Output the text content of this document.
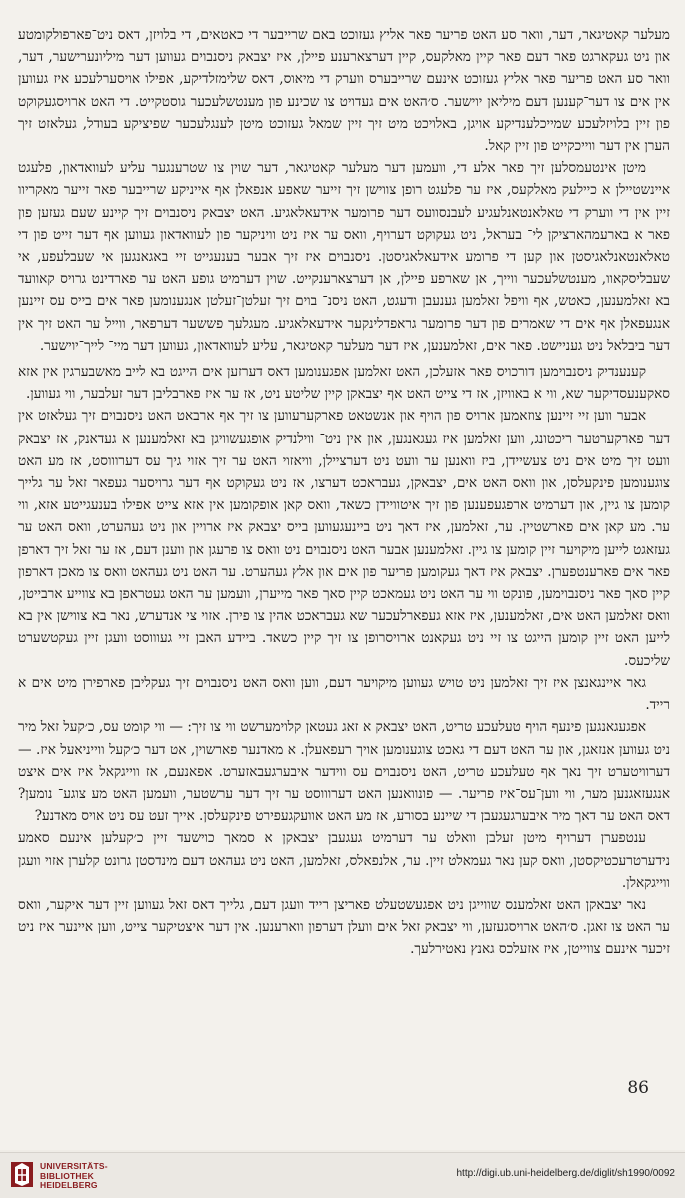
מעלער קאטיגאר, דער, וואר סע האט פריער פאר אליץ געזוכט באם שרייבער די כאטאים, די בלויזן, דאס ניט־פארפולקומטע און ניט געקארגט פאר דעם פאר קיין מאלקעס, קיין דערצארענע פיילן, איז יצבאק ניסנבוים געווען דער מיליונערישער, דער, וואר סע האט פריער פאר אליץ געזוכט אינעם שרייבערס ווערק די מיאוס, דאס שלימזלדיקע, אפילו אויסערלעכע איז געווען אין אים צו דער־קענען דעם מיליאן יוישער. ס׳האט אים געדויט צו שכינע פון מענטשלעכער גוסטקייט. די האט ארויסגעקוקט פון זיין בלויזלעכע שמייכלענדיקע אויגן, באלויכט מיט זיך זיין שמאל געזוכט מיטן לענגלעכער שפיציקע בעודל, געלאזט זיך הערן אין דער ווייכקייט פון זיין קאל.

מיטן אינטעמסלען זיך פאר אלע די, וועמען דער מעלער קאטיגאר, דער שוין צו שטרענגער עליע לעוואדאון, פלעגט איינשטיילן א כיילעק מאלקעס, איז ער פלעגט רופן צווישן זיך זייער שאפע אנפאלן אף אייניקע שרייבער פאר זייער מאקריוו זיין אין די ווערק די טאלאנטאנלעגיע לעבנסוועס דער פרומער אידעאלאגיע. האט יצבאק ניסנבוים זיך קיינע שעם געזען פון פאר א בארעמהארציקן לי־ בעראל, ניט געקוקט דערויף, וואס ער איז ניט וויניקער פון לעוואדאון געווען אף דער זייט פון די טאלאנטאנלאגיסטן און קען די פרומע אידעאלאגיסטן. ניסנבוים איז זיך אבער בענעגייט זיי באגאנגען אי שעבלעפע, אי שעבליסקאוו, מענטשלעכער ווייך, אן שארפע פיילן, אן דערצארענקייט. שוין דערמיט גופע האט ער פארדינט גרויס קאוועד בא זאלמענען, כאטש, אף וויפל זאלמען גענעבן ודעגט, האט ניסנ־ בוים זיך זעלטן־זעלטן אנגענומען פאר אים בייס עס זיינען אנגעפאלן אף אים די שאמרים פון דער פרומער גראפדלינקער אידעאלאגיע. מעגלעך פששער דערפאר, ווייל ער האט זיך אין דער ביבלאל ניט געניישט. פאר אים, זאלמענען, איז דער מעלער קאטיגאר, עליע לעוואדאון, געווען דער מיי־ לייך־יוישער.

קענענדיק ניסנבוימען דורכויס פאר אזעלכן, האט זאלמען אפגענומען דאס דערזען אים הייגט בא לייב מאשבערגין אין אזא סאקענעסדיקער שא, ווי א באוויזן, אז די צייט האט אף יצבאקן קיין שליטע ניט, אז ער איז פארבליבן דער זעלבער, ווי געווען.

אבער ווען זיי זיינען צוזאמען ארויס פון הויף און אנשטאט פארקערעווען צו זיך אף ארבאט האט ניסנבוים זיך געלאזט אין דער פארקערטער ריכטונג, ווען זאלמען איז געגאנגען, און אין ניט־ ווילנדיק אופגעשוויגן בא זאלמענען א געדאנק, אז יצבאק וועט זיך מיט אים ניט צעשיידן, ביז וואנען ער וועט ניט דערציילן, וויאזוי האט ער זיך אזוי גיך עס דערוווסט, אז מע האט צוגענומען פינקעלסן, און וואס האט אים, יצבאקן, געבראכט דערצו, אז ניט געקוקט אף דער גרויסער געפאר זאל ער גלייך קומען צו גיין, און דערמיט ארפגעפענען פון זיך איטוויידן כשאד, וואס קאן אופקומען אין אזא צייט אפילו בענעגייטע אזא, ווי ער. מע קאן אים פארשטיין. ער, זאלמען, איז דאך ניט ביינעגעווען בייס יצבאק איז ארויין און ניט געהערט, וואס האט ער געזאגט לייען מיקויער זיין קומען צו גיין. זאלמענען אבער האט ניסנבוים ניט וואס צו פרעגן און ווענן דעם, אז ער זאל זיך דארפן פאר אים פארענטפערן. יצבאק איז דאך געקומען פריער פון אים און אלץ געהערט. ער האט ניט געהאט וואס צו מאכן דארפון קיין סאך פאר ניסנבוימען, פונקט ווי ער האט ניט געמאכט קיין סאך פאר מייערן, וועמען ער האט געטראפן בא צווייע ארבייטן, וואס זאלמען האט אים, זאלמענען, איז אזא געפארלעכער שא געבראכט אהין צו פירן. אזוי צי אנדערש, נאר בא צווישן אין בא לייען האט זיין קומען הייגט צו זיי ניט געקאנט ארויסרופן צו זיך קיין כשאד. ביידע האבן זיי געוווסט וועגן זיין געקטשערט שליכעס.

גאר איינגאנצן איז זיך זאלמען ניט טויש געווען מיקויער דעם, ווען וואס האט ניסנבוים זיך געקליבן פארפירן מיט אים א רייד.

אפגעגאנגען פינעף הויף טעלעכע טריט, האט יצבאק א זאג געטאן קלוימערשט ווי צו זיך: — ווי קומט עס, כ׳קעל זאל מיר ניט געווען אנזאגן, און ער האט דעם די גאכט צוגענומען אויך רעפאעלן. א מאדנער פארשוין, אט דער כ׳קעל ווייניאעל איז. — דערוויטערט זיך נאך אף טעלעכע טריט, האט ניסנבוים עס ווידער איבערגעבאזערט. אפאנעם, אז ווייגקאל איז אים איצט אנגעזאגנען מער, ווי ווען־עס־איז פריער. — פונוואנען האט דערוווסט ער זיך דער ערשטער, וועמען האט מע צוגע־ נומען? דאס האט ער דאך מיר איבערגעגעבן די שיינע בסורע, אז מע האט אוועקגעפירט פינקעלסן. אייך זעט עס ניט אויס מאדנע?

ענטפערן דערויף מיטן זעלבן וואלט ער דערמיט געגעבן יצבאקן א סמאך כוישעד זיין כ׳קעלען אינעם סאמע נידערטרעכטיקסטן, וואס קען נאר געמאלט זיין. ער, אלנפאלס, זאלמען, האט ניט געהאט דעם מינדסטן גרונט קלערן אזוי וועגן ווייגקאלן.

נאר יצבאקן האט זאלמענס שווייגן ניט אפגעשטעלט פאריצן רייד וועגן דעם, גלייך דאס זאל געווען זיין דער איקער, וואס ער האט צו זאגן. ס׳האט ארויסגעזען, ווי יצבאק זאל אים וועלן דערפון ווארענען. אין דער איצטיקער צייט, ווען איינער איז ניט זיכער אינעם צווייטן, איז אזעלכס גאנץ נאטירלעך.

86
UNIVERSITÄTS-
BIBLIOTHEK
HEIDELBERG
http://digi.ub.uni-heidelberg.de/diglit/sh1990/0092
